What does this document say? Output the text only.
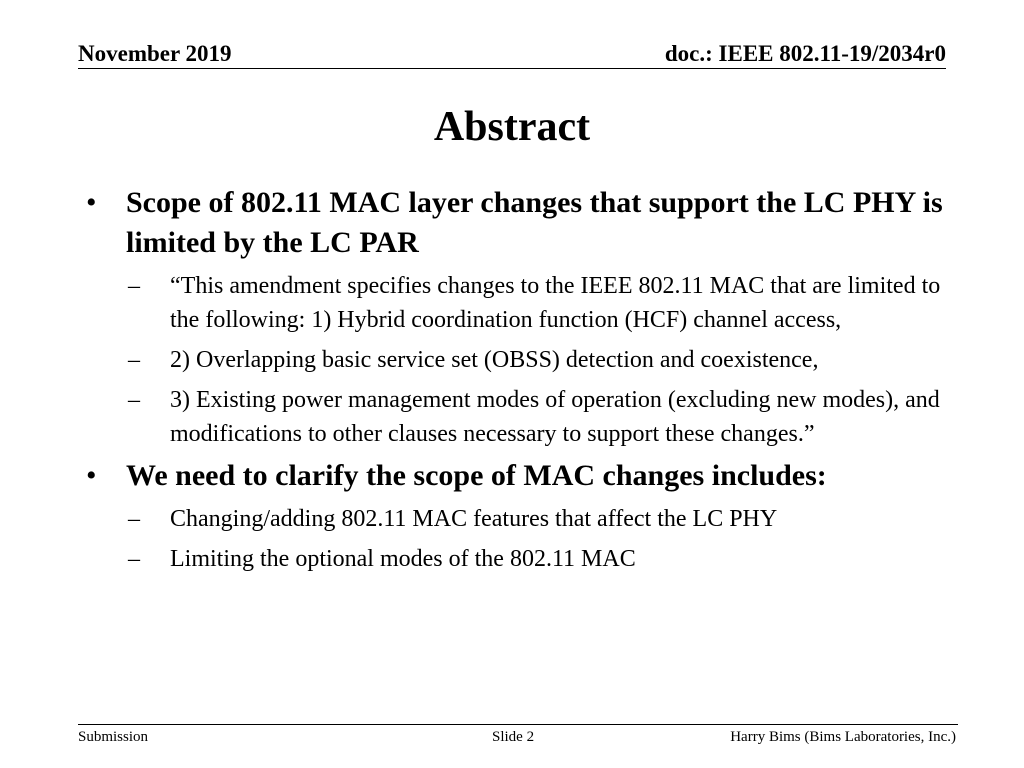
November 2019	doc.: IEEE 802.11-19/2034r0
Abstract
• Scope of 802.11 MAC layer changes that support the LC PHY is limited by the LC PAR
– “This amendment specifies changes to the IEEE 802.11 MAC that are limited to the following: 1) Hybrid coordination function (HCF) channel access,
– 2) Overlapping basic service set (OBSS) detection and coexistence,
– 3) Existing power management modes of operation (excluding new modes), and modifications to other clauses necessary to support these changes.”
• We need to clarify the scope of MAC changes includes:
– Changing/adding 802.11 MAC features that affect the LC PHY
– Limiting the optional modes of the 802.11 MAC
Submission	Slide 2	Harry Bims (Bims Laboratories, Inc.)
